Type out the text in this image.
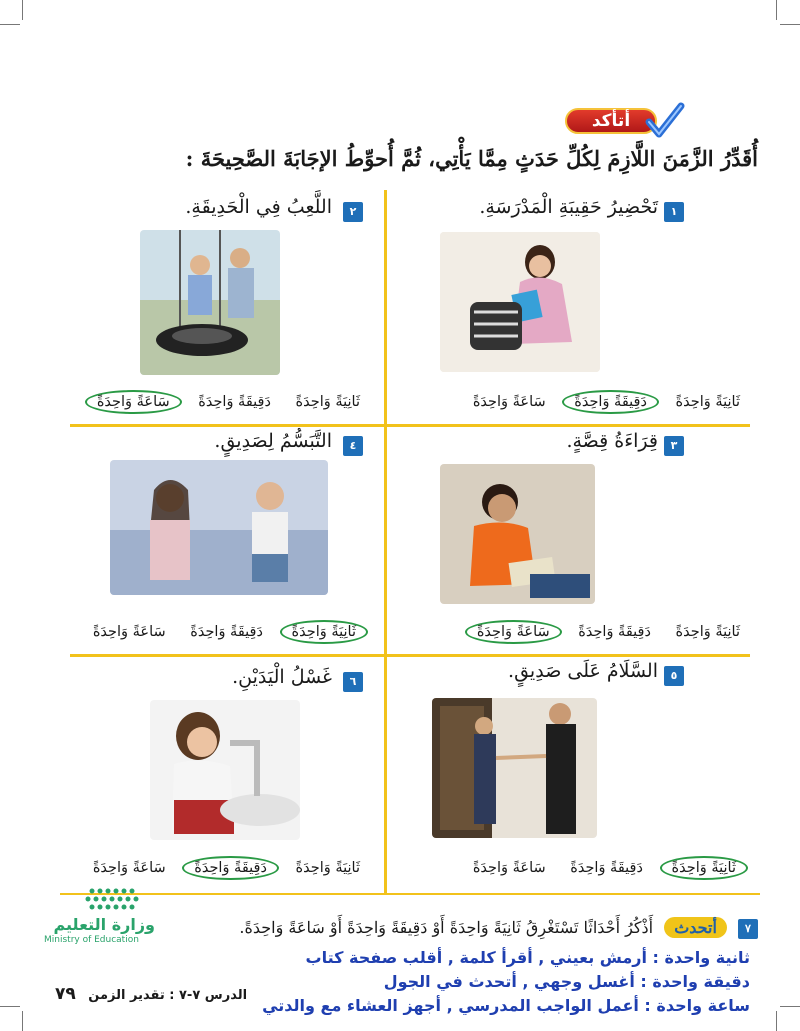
أتأكد
أُقَدِّرُ الزَّمَنَ اللَّازِمَ لِكُلِّ حَدَثٍ مِمَّا يَأْتِي، ثُمَّ أُحوِّطُ الإجَابَةَ الصَّحِيحَةَ :
١
تَحْضِيرُ حَقِيبَةِ الْمَدْرَسَةِ.
ثَانِيَةً وَاحِدَةً دَقِيقَةً وَاحِدَةً سَاعَةً وَاحِدَةً
٢
اللَّعِبُ فِي الْحَدِيقَةِ.
ثَانِيَةً وَاحِدَةً دَقِيقَةً وَاحِدَةً سَاعَةً وَاحِدَةً
٣
قِرَاءَةُ قِصَّةٍ.
ثَانِيَةً وَاحِدَةً دَقِيقَةً وَاحِدَةً سَاعَةً وَاحِدَةً
٤
التَّبَسُّمُ لِصَدِيقٍ.
ثَانِيَةً وَاحِدَةً دَقِيقَةً وَاحِدَةً سَاعَةً وَاحِدَةً
٥
السَّلَامُ عَلَى صَدِيقٍ.
ثَانِيَةً وَاحِدَةً دَقِيقَةً وَاحِدَةً سَاعَةً وَاحِدَةً
٦
غَسْلُ الْيَدَيْنِ.
ثَانِيَةً وَاحِدَةً دَقِيقَةً وَاحِدَةً سَاعَةً وَاحِدَةً
وزارة التعليم
Ministry of Education
٧ أتحدث أَذْكُرُ أَحْدَاثًا تَسْتَغْرِقُ ثَانِيَةً وَاحِدَةً أَوْ دَقِيقَةً وَاحِدَةً أَوْ سَاعَةً وَاحِدَةً.
ثانية واحدة : أرمش بعيني , أقرأ كلمة , أقلب صفحة كتاب
دقيقة واحدة : أغسل وجهي , أتحدث في الجول
ساعة واحدة : أعمل الواجب المدرسي , أجهز العشاء مع والدتي
الدرس ٧-٧ : تقدير الزمن ٧٩
